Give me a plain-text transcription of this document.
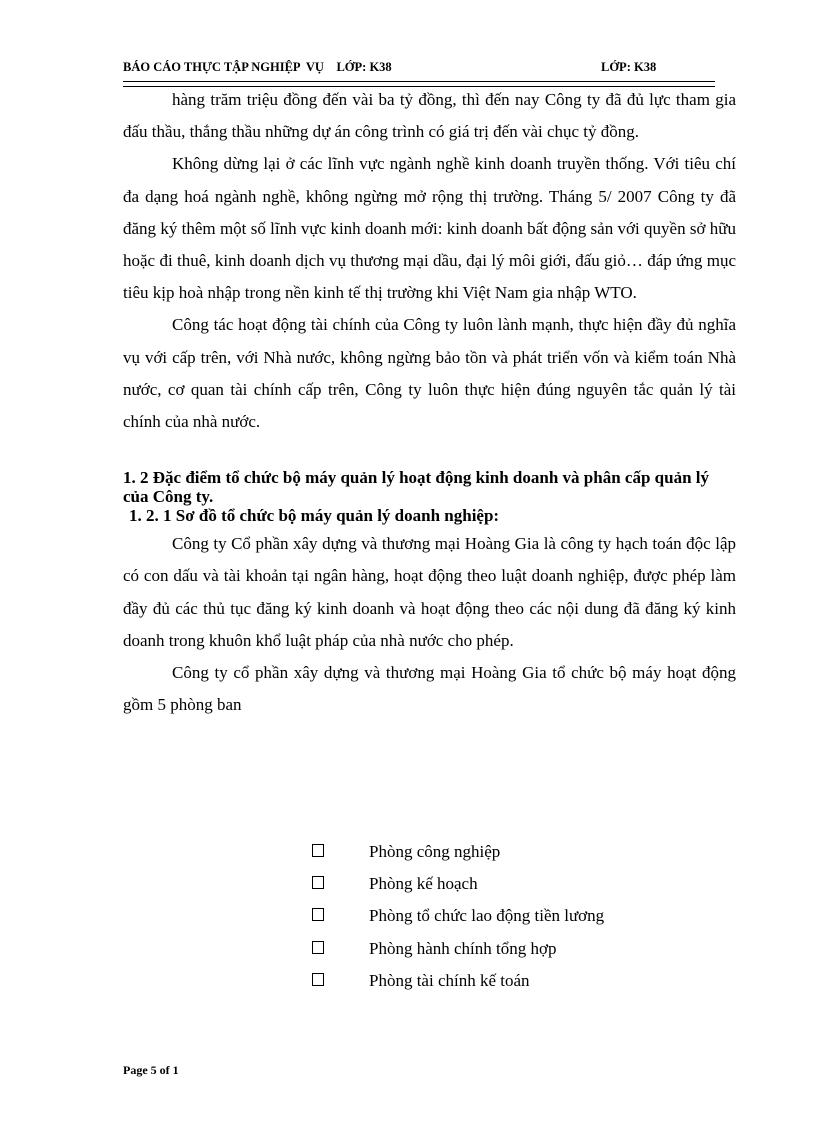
BÁO CÁO THỰC TẬP NGHIỆP  VỤ    LỚP: K38	LỚP: K38

hàng trăm triệu đồng đến vài ba tỷ đồng, thì đến nay Công ty đã đủ lực tham gia đấu thầu, thắng thầu những dự án công trình có giá trị đến vài chục tỷ đồng.

Không dừng lại ở các lĩnh vực ngành nghề kinh doanh truyền thống. Với tiêu chí đa dạng hoá ngành nghề, không ngừng mở rộng thị trường. Tháng 5/ 2007 Công ty đã đăng ký thêm một số lĩnh vực kinh doanh mới: kinh doanh bất động sản với quyền sở hữu hoặc đi thuê, kinh doanh dịch vụ thương mại dầu, đại lý môi giới, đấu giỏ… đáp ứng mục tiêu kịp hoà nhập trong nền kinh tế thị trường khi Việt Nam gia nhập WTO.

Công tác hoạt động tài chính của Công ty luôn lành mạnh, thực hiện đầy đủ nghĩa vụ với cấp trên, với Nhà nước, không ngừng bảo tồn và phát triển vốn và kiểm toán Nhà nước, cơ quan tài chính cấp trên, Công ty luôn thực hiện đúng nguyên tắc quản lý tài chính của nhà nước.

1. 2 Đặc điểm tổ chức bộ máy quản lý hoạt động kinh doanh và phân cấp quản lý của Công ty.

1. 2. 1 Sơ đồ tổ chức bộ máy quản lý doanh nghiệp:

Công ty Cổ phần xây dựng và thương mại Hoàng Gia là công ty hạch toán độc lập có con dấu và tài khoản tại ngân hàng, hoạt động theo luật doanh nghiệp, được phép làm đầy đủ các thủ tục đăng ký kinh doanh và hoạt động theo các nội dung đã đăng ký kinh doanh trong khuôn khổ luật pháp của nhà nước cho phép.

Công ty cổ phần xây dựng và thương mại Hoàng Gia tổ chức bộ máy hoạt động gồm 5 phòng ban

Phòng công nghiệp
Phòng kế hoạch
Phòng tổ chức lao động tiền lương
Phòng hành chính tổng hợp
Phòng tài chính kế toán
Page 5 of 1
